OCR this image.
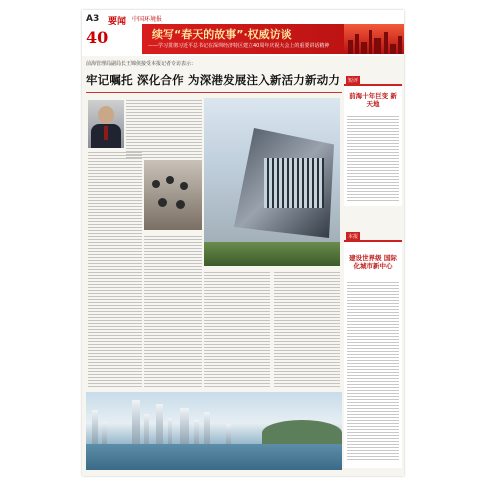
A3 要闻 中国环境报
40	续写“春天的故事”·权威访谈
——学习贯彻习近平总书记在深圳经济特区建立40周年庆祝大会上的重要讲话精神
前海管理局副局长王锦侠接受本报记者专访表示：
牢记嘱托 深化合作 为深港发展注入新活力新动力	短评
前海十年巨变 新天地
本报
建设世界级 国际化城市新中心
